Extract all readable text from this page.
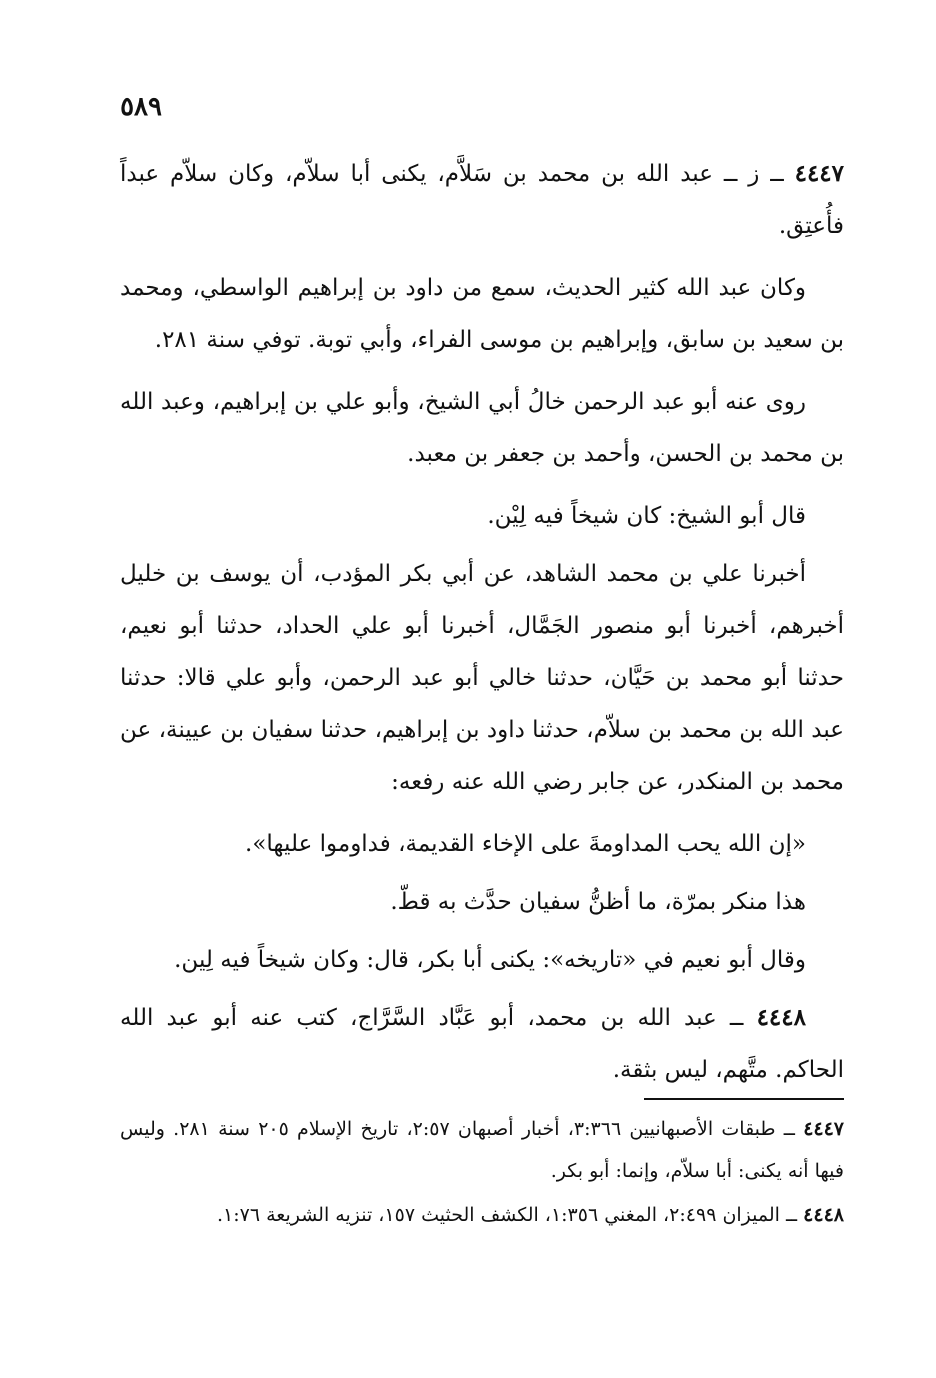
٥٨٩

٤٤٤٧ ــ ز ــ عبد الله بن محمد بن سَلاَّم، يكنى أبا سلاّم، وكان سلاّم عبداً فأُعتِق.

وكان عبد الله كثير الحديث، سمع من داود بن إبراهيم الواسطي، ومحمد بن سعيد بن سابق، وإبراهيم بن موسى الفراء، وأبي توبة. توفي سنة ٢٨١.

روى عنه أبو عبد الرحمن خالُ أبي الشيخ، وأبو علي بن إبراهيم، وعبد الله بن محمد بن الحسن، وأحمد بن جعفر بن معبد.

قال أبو الشيخ: كان شيخاً فيه لِيْن.

أخبرنا علي بن محمد الشاهد، عن أبي بكر المؤدب، أن يوسف بن خليل أخبرهم، أخبرنا أبو منصور الجَمَّال، أخبرنا أبو علي الحداد، حدثنا أبو نعيم، حدثنا أبو محمد بن حَيَّان، حدثنا خالي أبو عبد الرحمن، وأبو علي قالا: حدثنا عبد الله بن محمد بن سلاّم، حدثنا داود بن إبراهيم، حدثنا سفيان بن عيينة، عن محمد بن المنكدر، عن جابر رضي الله عنه رفعه:

«إن الله يحب المداومةَ على الإخاء القديمة، فداوموا عليها».

هذا منكر بمرّة، ما أظنُّ سفيان حدَّث به قطّ.

وقال أبو نعيم في «تاريخه»: يكنى أبا بكر، قال: وكان شيخاً فيه لِين.

٤٤٤٨ ــ عبد الله بن محمد، أبو عَبَّاد السَّرَّاج، كتب عنه أبو عبد الله الحاكم. متَّهم، ليس بثقة.

٤٤٤٧ ــ طبقات الأصبهانيين ٣:٣٦٦، أخبار أصبهان ٢:٥٧، تاريخ الإسلام ٢٠٥ سنة ٢٨١. وليس فيها أنه يكنى: أبا سلاّم، وإنما: أبو بكر.

٤٤٤٨ ــ الميزان ٢:٤٩٩، المغني ١:٣٥٦، الكشف الحثيث ١٥٧، تنزيه الشريعة ١:٧٦.
